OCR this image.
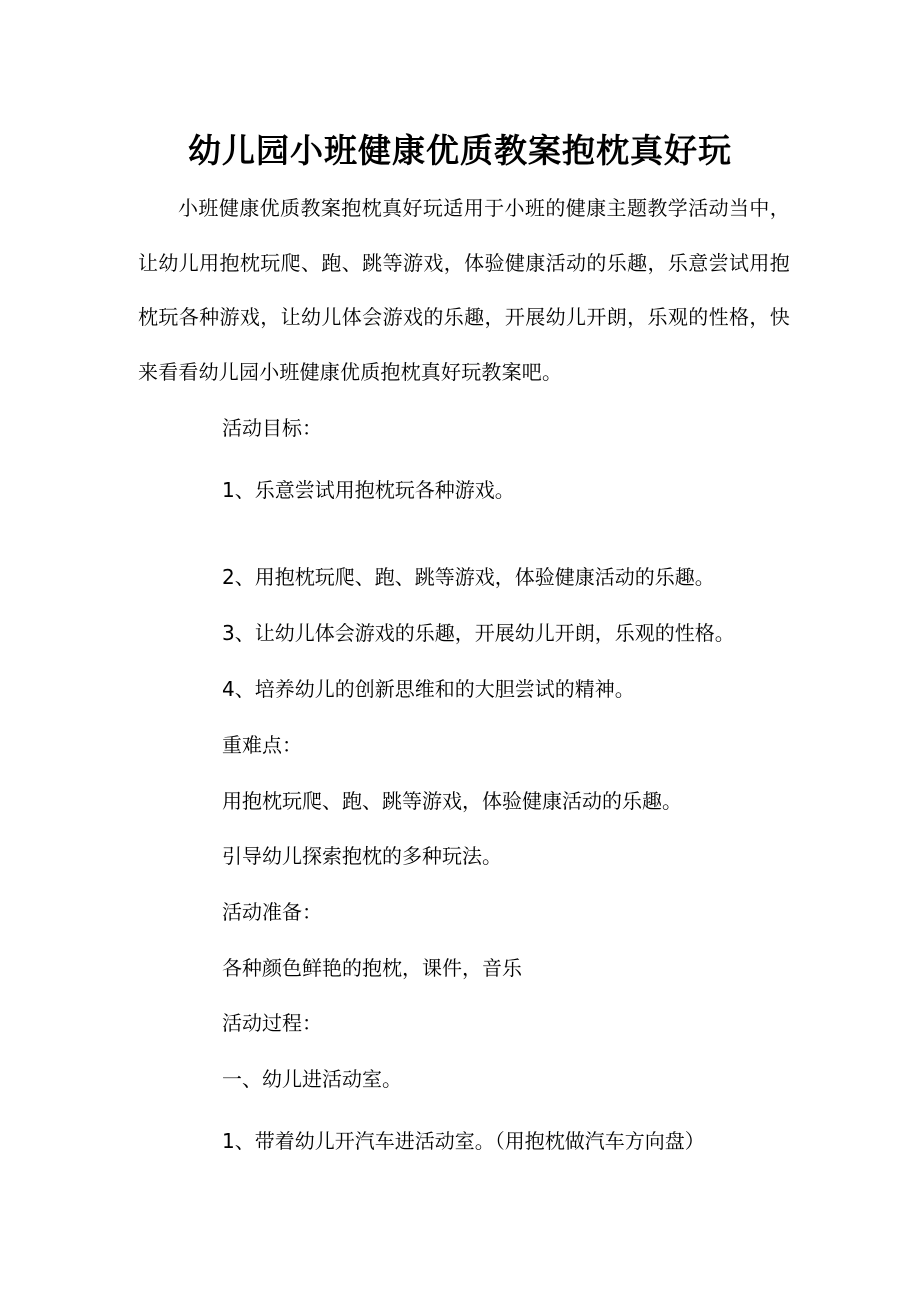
幼儿园小班健康优质教案抱枕真好玩

小班健康优质教案抱枕真好玩适用于小班的健康主题教学活动当中，让幼儿用抱枕玩爬、跑、跳等游戏，体验健康活动的乐趣，乐意尝试用抱枕玩各种游戏，让幼儿体会游戏的乐趣，开展幼儿开朗，乐观的性格，快来看看幼儿园小班健康优质抱枕真好玩教案吧。

活动目标：

1、乐意尝试用抱枕玩各种游戏。

2、用抱枕玩爬、跑、跳等游戏，体验健康活动的乐趣。

3、让幼儿体会游戏的乐趣，开展幼儿开朗，乐观的性格。

4、培养幼儿的创新思维和的大胆尝试的精神。

重难点：

用抱枕玩爬、跑、跳等游戏，体验健康活动的乐趣。

引导幼儿探索抱枕的多种玩法。

活动准备：

各种颜色鲜艳的抱枕，课件，音乐

活动过程：

一、幼儿进活动室。

1、带着幼儿开汽车进活动室。（用抱枕做汽车方向盘）
